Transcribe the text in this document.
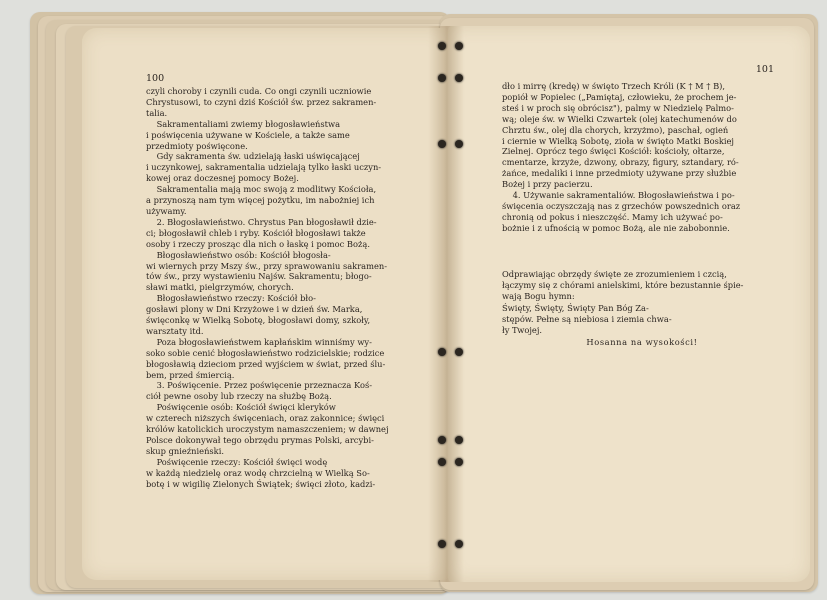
100
czyli choroby i czynili cuda. Co ongi czynili uczniowie
Chrystusowi, to czyni dziś Kościół św. przez sakramen-
talia.
Sakramentaliami zwiemy błogosławieństwa
i poświęcenia używane w Kościele, a także same
przedmioty poświęcone.
Gdy sakramenta św. udzielają łaski uświęcającej
i uczynkowej, sakramentalia udzielają tylko łaski uczyn-
kowej oraz doczesnej pomocy Bożej.
Sakramentalia mają moc swoją z modlitwy Kościoła,
a przynoszą nam tym więcej pożytku, im nabożniej ich
używamy.
2. Błogosławieństwo. Chrystus Pan błogosławił dzie-
ci; błogosławił chleb i ryby. Kościół błogosławi także
osoby i rzeczy prosząc dla nich o łaskę i pomoc Bożą.
Błogosławieństwo osób: Kościół błogosła-
wi wiernych przy Mszy św., przy sprawowaniu sakramen-
tów św., przy wystawieniu Najśw. Sakramentu; błogo-
sławi matki, pielgrzymów, chorych.
Błogosławieństwo rzeczy: Kościół bło-
gosławi plony w Dni Krzyżowe i w dzień św. Marka,
święconkę w Wielką Sobotę, błogosławi domy, szkoły,
warsztaty itd.
Poza błogosławieństwem kapłańskim winniśmy wy-
soko sobie cenić błogosławieństwo rodzicielskie; rodzice
błogosławią dzieciom przed wyjściem w świat, przed ślu-
bem, przed śmiercią.
3. Poświęcenie. Przez poświęcenie przeznacza Koś-
ciół pewne osoby lub rzeczy na służbę Bożą.
Poświęcenie osób: Kościół święci kleryków
w czterech niższych święceniach, oraz zakonnice; święci
królów katolickich uroczystym namaszczeniem; w dawnej
Polsce dokonywał tego obrzędu prymas Polski, arcybi-
skup gnieźnieński.
Poświęcenie rzeczy: Kościół święci wodę
w każdą niedzielę oraz wodę chrzcielną w Wielką So-
botę i w wigilię Zielonych Świątek; święci złoto, kadzi-
101
dło i mirrę (kredę) w święto Trzech Króli (K † M † B),
popiół w Popielec („Pamiętaj, człowieku, że prochem je-
steś i w proch się obrócisz"), palmy w Niedzielę Palmo-
wą; oleje św. w Wielki Czwartek (olej katechumenów do
Chrztu św., olej dla chorych, krzyżmo), paschał, ogień
i ciernie w Wielką Sobotę, zioła w święto Matki Boskiej
Zielnej. Oprócz tego święci Kościół: kościoły, ołtarze,
cmentarze, krzyże, dzwony, obrazy, figury, sztandary, ró-
żańce, medaliki i inne przedmioty używane przy służbie
Bożej i przy pacierzu.
4. Używanie sakramentaliów. Błogosławieństwa i po-
święcenia oczyszczają nas z grzechów powszednich oraz
chronią od pokus i nieszczęść. Mamy ich używać po-
bożnie i z ufnością w pomoc Bożą, ale nie zabobonnie.
Odprawiając obrzędy święte ze zrozumieniem i czcią,
łączymy się z chórami anielskimi, które bezustannie śpie-
wają Bogu hymn:
Święty, Święty, Święty Pan Bóg Za-
stępów. Pełne są niebiosa i ziemia chwa-
ły Twojej.
Hosanna na wysokości!
